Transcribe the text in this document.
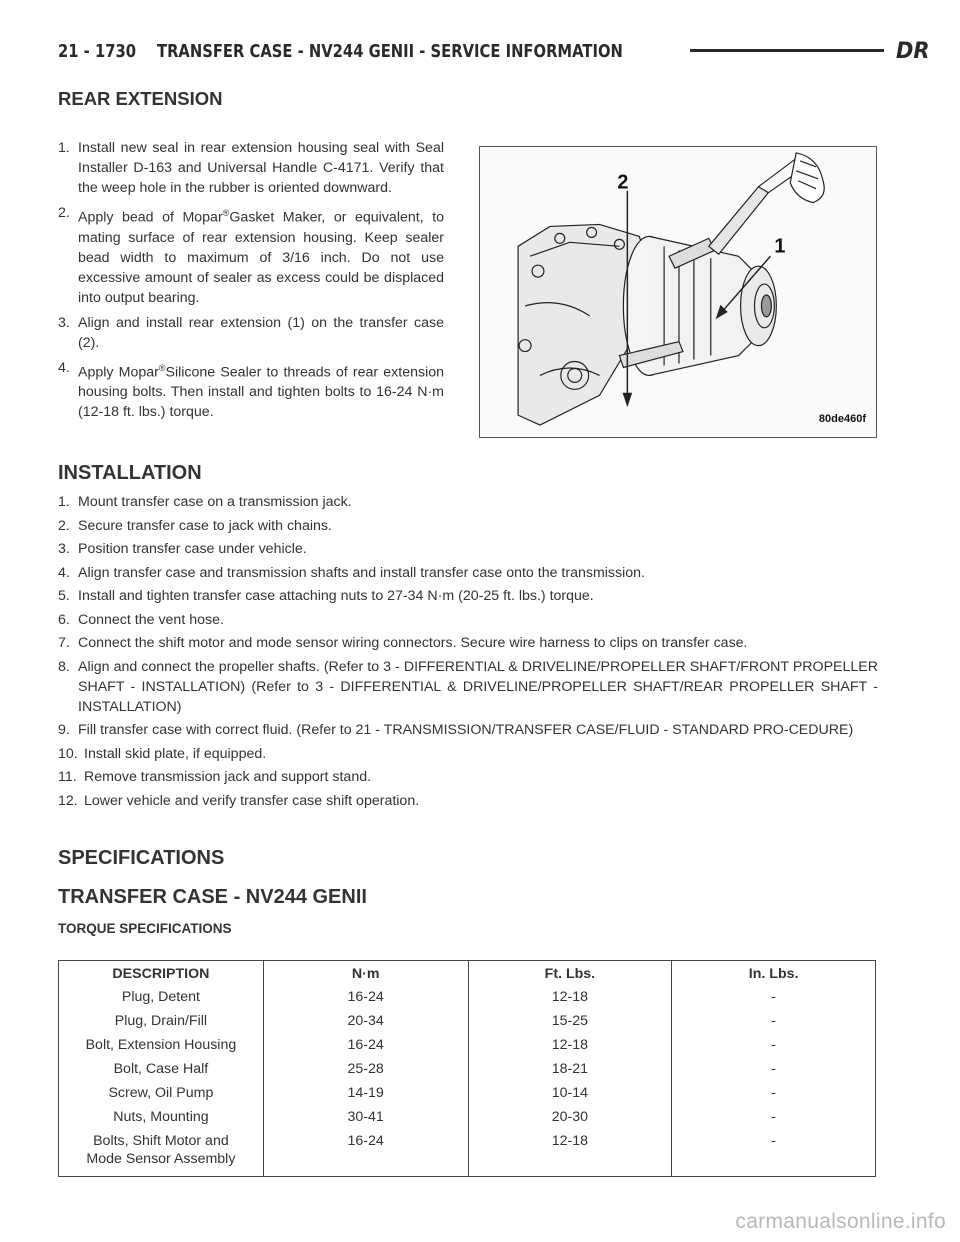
21 - 1730 TRANSFER CASE - NV244 GENII - SERVICE INFORMATION	DR
REAR EXTENSION
1. Install new seal in rear extension housing seal with Seal Installer D-163 and Universal Handle C-4171. Verify that the weep hole in the rubber is oriented downward.
2. Apply bead of Mopar®Gasket Maker, or equivalent, to mating surface of rear extension housing. Keep sealer bead width to maximum of 3/16 inch. Do not use excessive amount of sealer as excess could be displaced into output bearing.
3. Align and install rear extension (1) on the transfer case (2).
4. Apply Mopar®Silicone Sealer to threads of rear extension housing bolts. Then install and tighten bolts to 16-24 N·m (12-18 ft. lbs.) torque.
2
1
80de460f
INSTALLATION
1. Mount transfer case on a transmission jack.
2. Secure transfer case to jack with chains.
3. Position transfer case under vehicle.
4. Align transfer case and transmission shafts and install transfer case onto the transmission.
5. Install and tighten transfer case attaching nuts to 27-34 N·m (20-25 ft. lbs.) torque.
6. Connect the vent hose.
7. Connect the shift motor and mode sensor wiring connectors. Secure wire harness to clips on transfer case.
8. Align and connect the propeller shafts. (Refer to 3 - DIFFERENTIAL & DRIVELINE/PROPELLER SHAFT/FRONT PROPELLER SHAFT - INSTALLATION) (Refer to 3 - DIFFERENTIAL & DRIVELINE/PROPELLER SHAFT/REAR PROPELLER SHAFT - INSTALLATION)
9. Fill transfer case with correct fluid. (Refer to 21 - TRANSMISSION/TRANSFER CASE/FLUID - STANDARD PRO-CEDURE)
10. Install skid plate, if equipped.
11. Remove transmission jack and support stand.
12. Lower vehicle and verify transfer case shift operation.
SPECIFICATIONS
TRANSFER CASE - NV244 GENII
TORQUE SPECIFICATIONS
DESCRIPTION	N·m	Ft. Lbs.	In. Lbs.
Plug, Detent	16-24	12-18	-
Plug, Drain/Fill	20-34	15-25	-
Bolt, Extension Housing	16-24	12-18	-
Bolt, Case Half	25-28	18-21	-
Screw, Oil Pump	14-19	10-14	-
Nuts, Mounting	30-41	20-30	-
Bolts, Shift Motor and
Mode Sensor Assembly	16-24	12-18	-
carmanualsonline.info
